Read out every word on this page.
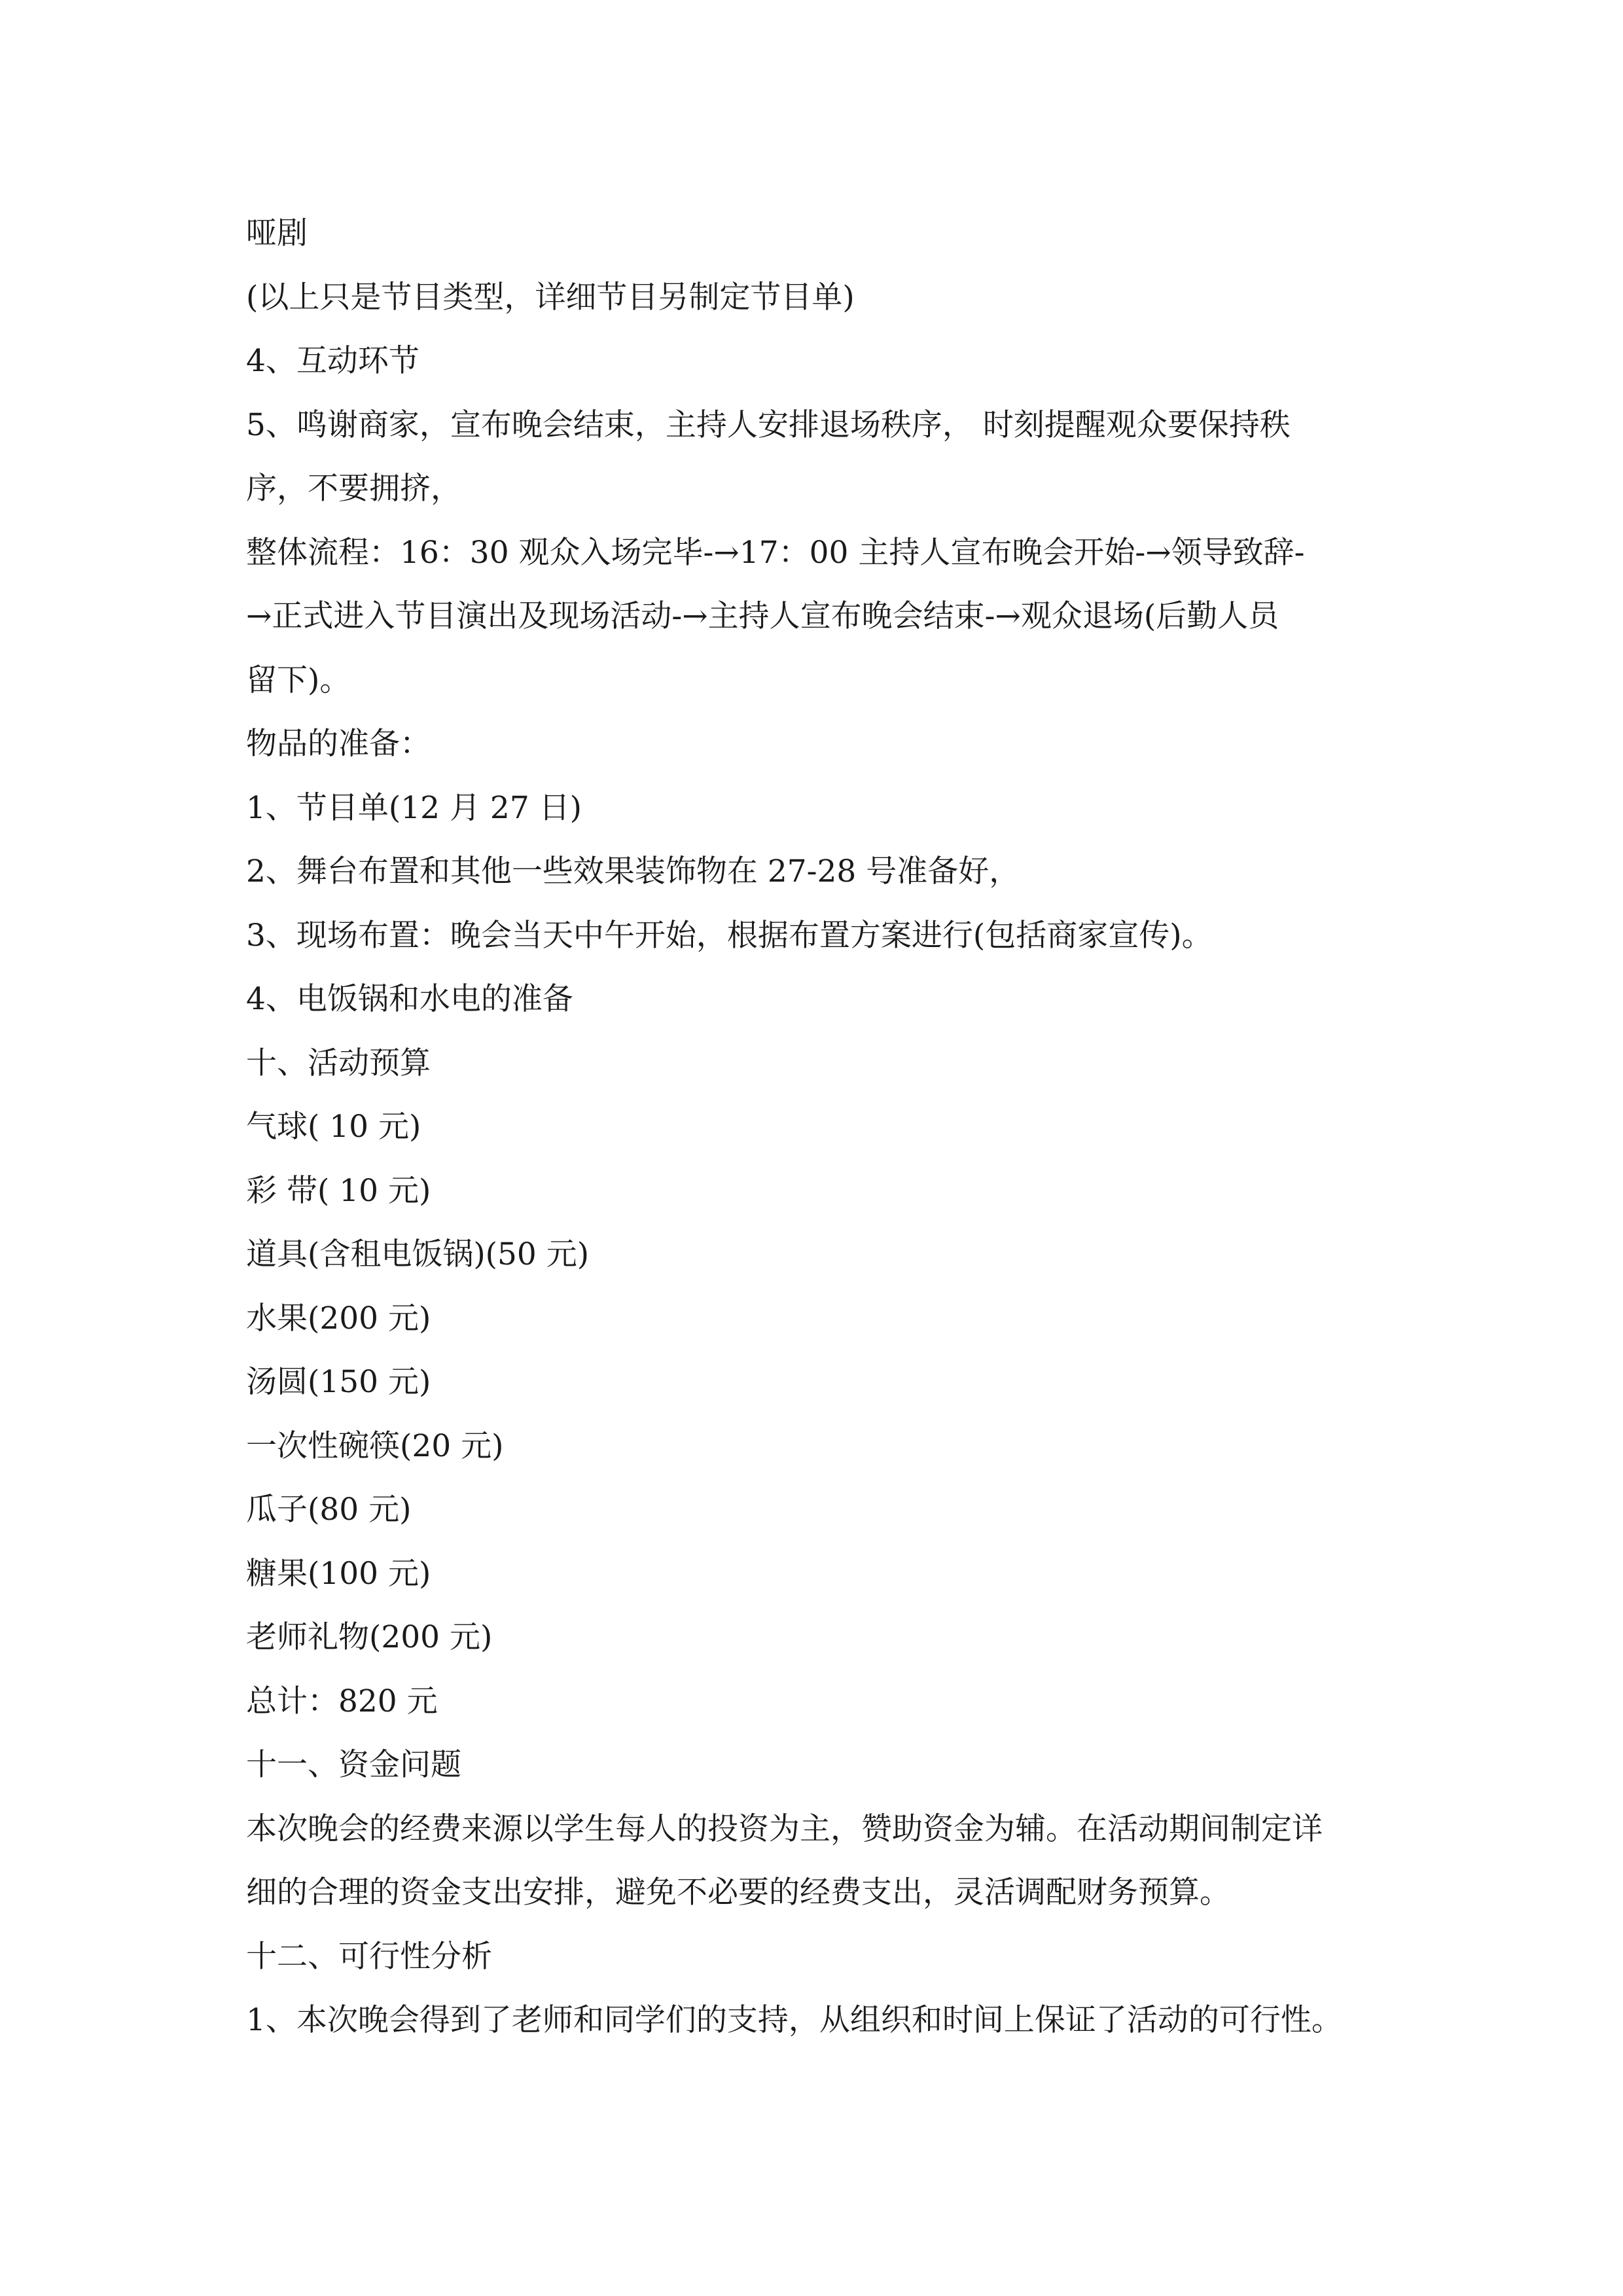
哑剧

(以上只是节目类型，详细节目另制定节目单)

4、互动环节

5、鸣谢商家，宣布晚会结束，主持人安排退场秩序， 时刻提醒观众要保持秩

序，不要拥挤，

整体流程：16：30 观众入场完毕-→17：00 主持人宣布晚会开始-→领导致辞-

→正式进入节目演出及现场活动-→主持人宣布晚会结束-→观众退场(后勤人员

留下)。

物品的准备：

1、节目单(12 月 27 日)

2、舞台布置和其他一些效果装饰物在 27-28 号准备好，

3、现场布置：晚会当天中午开始，根据布置方案进行(包括商家宣传)。

4、电饭锅和水电的准备

十、活动预算

气球( 10 元)

彩 带( 10 元)

道具(含租电饭锅)(50 元)

水果(200 元)

汤圆(150 元)

一次性碗筷(20 元)

瓜子(80 元)

糖果(100 元)

老师礼物(200 元)

总计：820 元

十一、资金问题

本次晚会的经费来源以学生每人的投资为主，赞助资金为辅。在活动期间制定详

细的合理的资金支出安排，避免不必要的经费支出，灵活调配财务预算。

十二、可行性分析

1、本次晚会得到了老师和同学们的支持，从组织和时间上保证了活动的可行性。
